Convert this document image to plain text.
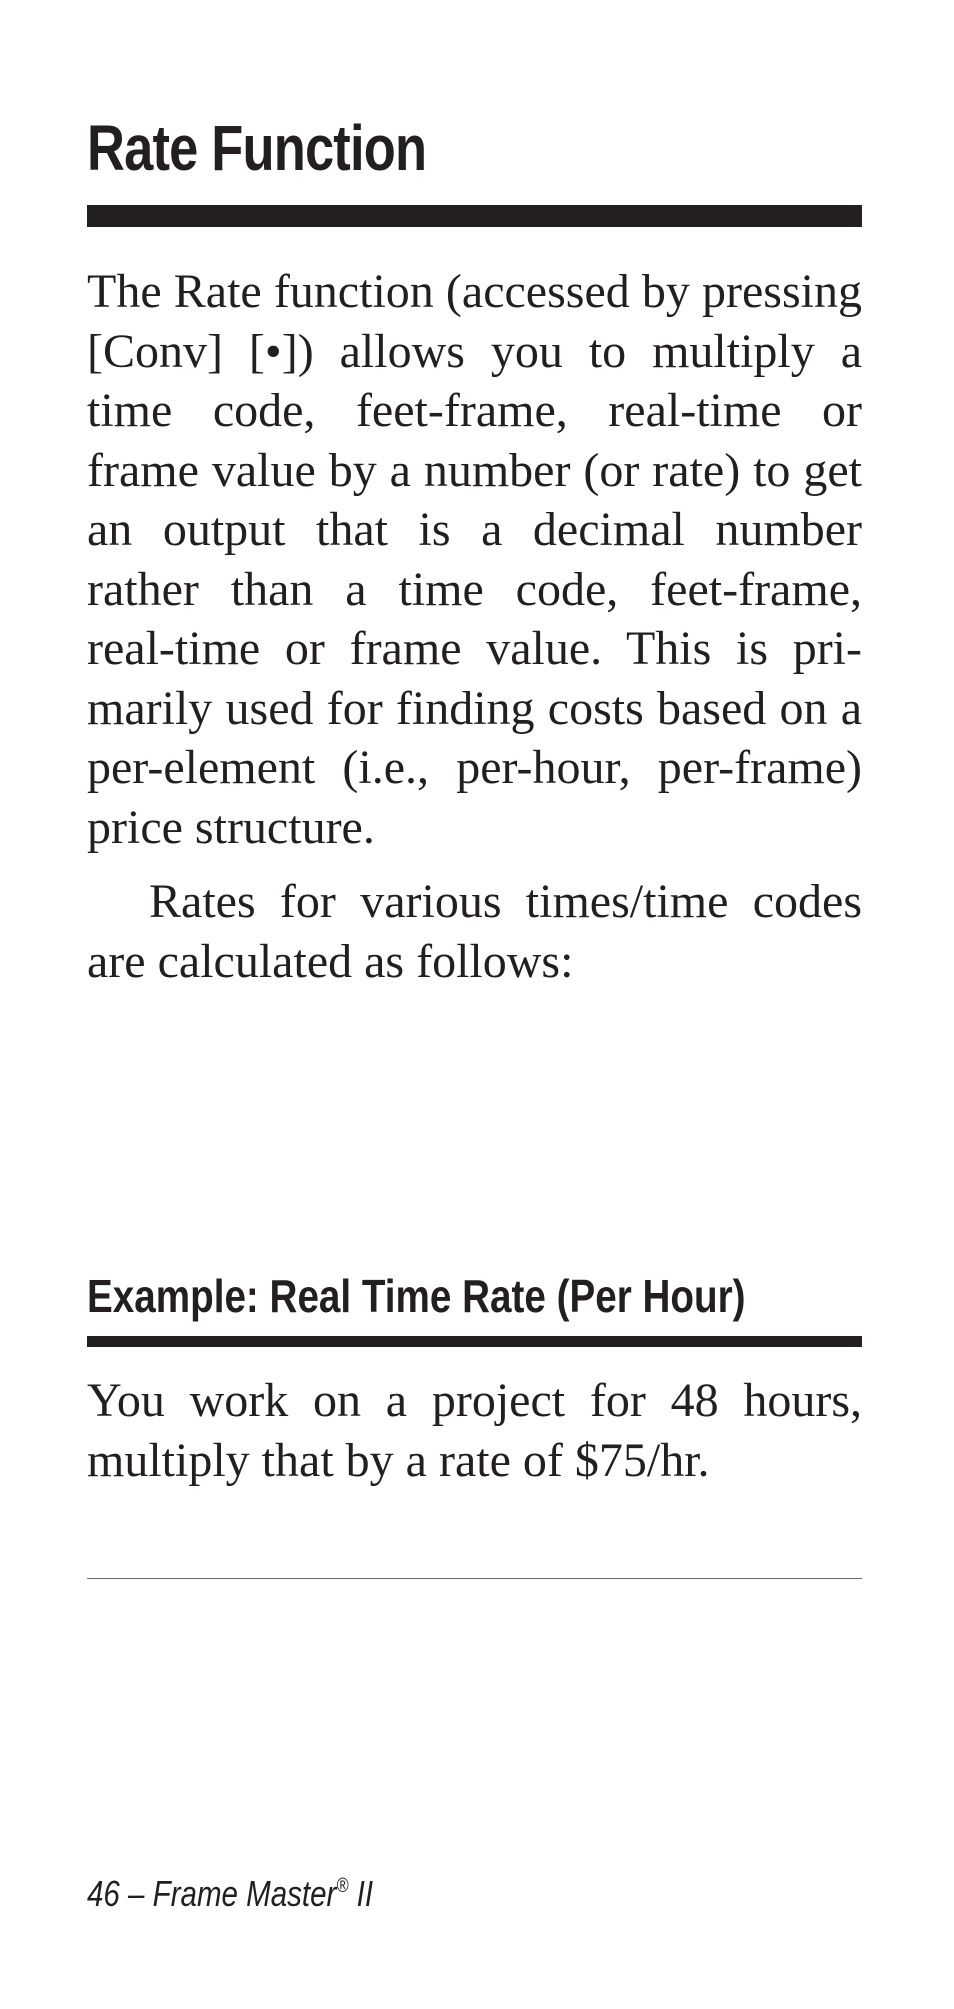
Rate Function

The Rate function (accessed by pressing [Conv] [•]) allows you to multiply a time code, feet-frame, real-time or frame value by a number (or rate) to get an output that is a decimal number rather than a time code, feet-frame, real-time or frame value. This is primarily used for finding costs based on a per-element (i.e., per-hour, per-frame) price structure.

Rates for various times/time codes are calculated as follows:

Example: Real Time Rate (Per Hour)

You work on a project for 48 hours, multiply that by a rate of $75/hr.

46 – Frame Master® II
